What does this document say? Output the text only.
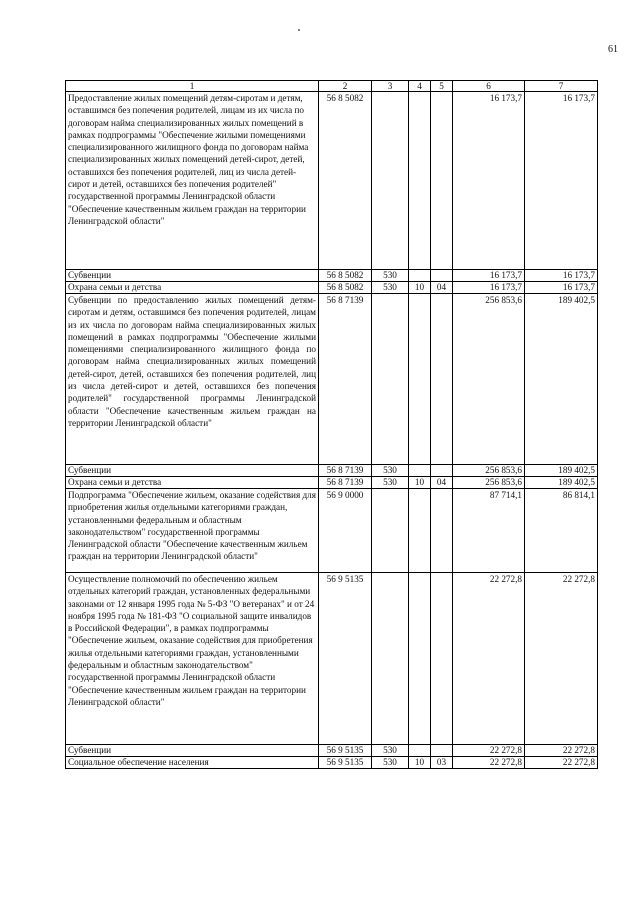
61
1	2	3	4	5	6	7
Предоставление жилых помещений детям-сиротам и детям, оставшимся без попечения родителей, лицам из их числа по договорам найма специализированных жилых помещений в рамках подпрограммы "Обеспечение жилыми помещениями специализированного жилищного фонда по договорам найма специализированных жилых помещений детей-сирот, детей, оставшихся без попечения родителей, лиц из числа детей-сирот и детей, оставшихся без попечения родителей" государственной программы Ленинградской области "Обеспечение качественным жильем граждан на территории Ленинградской области"	56 8 5082				16 173,7	16 173,7
Субвенции	56 8 5082	530			16 173,7	16 173,7
Охрана семьи и детства	56 8 5082	530	10	04	16 173,7	16 173,7
Субвенции по предоставлению жилых помещений детям-сиротам и детям, оставшимся без попечения родителей, лицам из их числа по договорам найма специализированных жилых помещений в рамках подпрограммы "Обеспечение жилыми помещениями специализированного жилищного фонда по договорам найма специализированных жилых помещений детей-сирот, детей, оставшихся без попечения родителей, лиц из числа детей-сирот и детей, оставшихся без попечения родителей" государственной программы Ленинградской области "Обеспечение качественным жильем граждан на территории Ленинградской области"	56 8 7139				256 853,6	189 402,5
Субвенции	56 8 7139	530			256 853,6	189 402,5
Охрана семьи и детства	56 8 7139	530	10	04	256 853,6	189 402,5
Подпрограмма "Обеспечение жильем, оказание содействия для приобретения жилья отдельными категориями граждан, установленными федеральным и областным законодательством" государственной программы Ленинградской области "Обеспечение качественным жильем граждан на территории Ленинградской области"	56 9 0000				87 714,1	86 814,1
Осуществление полномочий по обеспечению жильем отдельных категорий граждан, установленных федеральными законами от 12 января 1995 года № 5-ФЗ "О ветеранах" и от 24 ноября 1995 года № 181-ФЗ "О социальной защите инвалидов в Российской Федерации", в рамках подпрограммы "Обеспечение жильем, оказание содействия для приобретения жилья отдельными категориями граждан, установленными федеральным и областным законодательством" государственной программы Ленинградской области "Обеспечение качественным жильем граждан на территории Ленинградской области"	56 9 5135				22 272,8	22 272,8
Субвенции	56 9 5135	530			22 272,8	22 272,8
Социальное обеспечение населения	56 9 5135	530	10	03	22 272,8	22 272,8
